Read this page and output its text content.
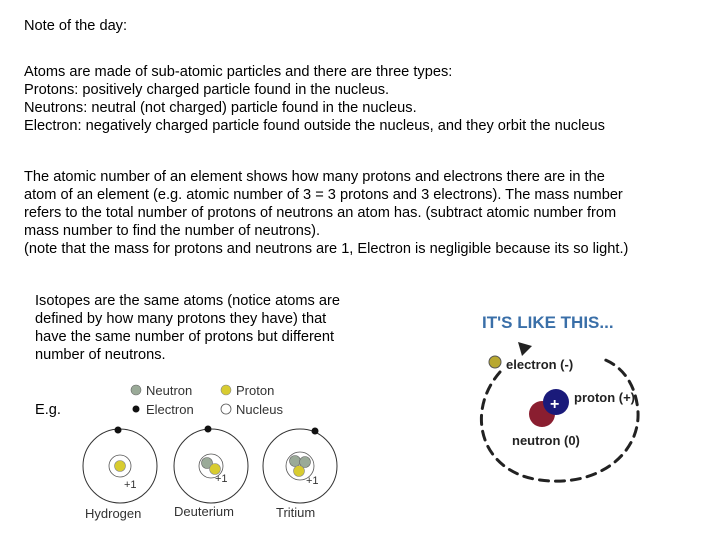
Note of the day:
Atoms are made of sub-atomic particles and there are three types:
Protons: positively charged particle found in the nucleus.
Neutrons: neutral (not charged) particle found in the nucleus.
Electron: negatively charged particle found outside the nucleus, and they orbit the nucleus
The atomic number of an element shows how many protons and electrons there are in the
atom of an element (e.g. atomic number of 3 = 3 protons and 3 electrons). The mass number
refers to the total number of protons of neutrons an atom has. (subtract atomic number from
mass number to find the number of neutrons).
(note that the mass for protons and neutrons are 1, Electron is negligible because its so light.)
Isotopes are the same atoms (notice atoms are
defined by how many protons they have) that
have the same number of protons but different
number of neutrons.
E.g.
Neutron	Proton
Electron	Nucleus
+1
Hydrogen
+1
Deuterium
+1
Tritium
IT'S LIKE THIS...
electron (-)
+ proton (+)
neutron (0)
